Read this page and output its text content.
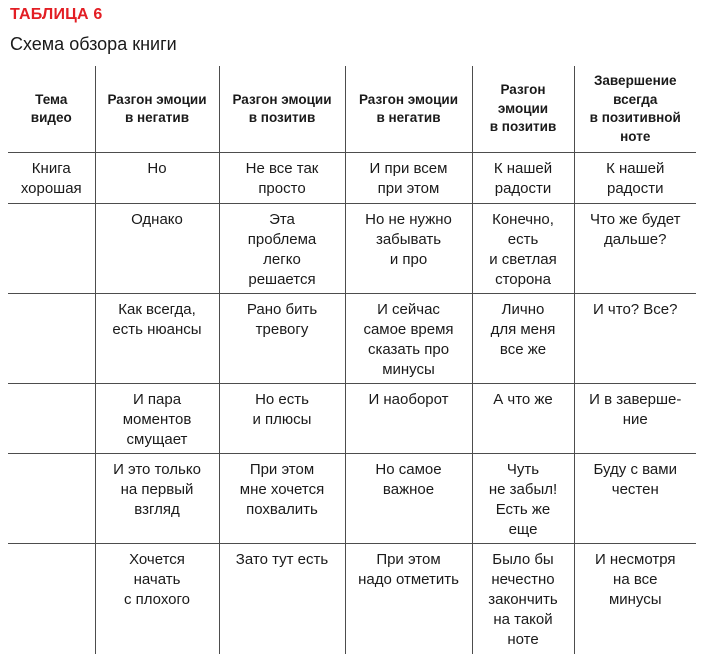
ТАБЛИЦА 6
Схема обзора книги
Тема
видео	Разгон эмоции
в негатив	Разгон эмоции
в позитив	Разгон эмоции
в негатив	Разгон
эмоции
в позитив	Завершение
всегда
в позитивной
ноте

Книга
хорошая	Но	Не все так
просто	И при всем
при этом	К нашей
радости	К нашей
радости

	Однако	Эта
проблема
легко
решается	Но не нужно
забывать
и про	Конечно,
есть
и светлая
сторона	Что же будет
дальше?

	Как всегда,
есть нюансы	Рано бить
тревогу	И сейчас
самое время
сказать про
минусы	Лично
для меня
все же	И что? Все?

	И пара
моментов
смущает	Но есть
и плюсы	И наоборот	А что же	И в заверше-
ние

	И это только
на первый
взгляд	При этом
мне хочется
похвалить	Но самое
важное	Чуть
не забыл!
Есть же
еще	Буду с вами
честен

	Хочется
начать
с плохого	Зато тут есть	При этом
надо отметить	Было бы
нечестно
закончить
на такой
ноте	И несмотря
на все
минусы
